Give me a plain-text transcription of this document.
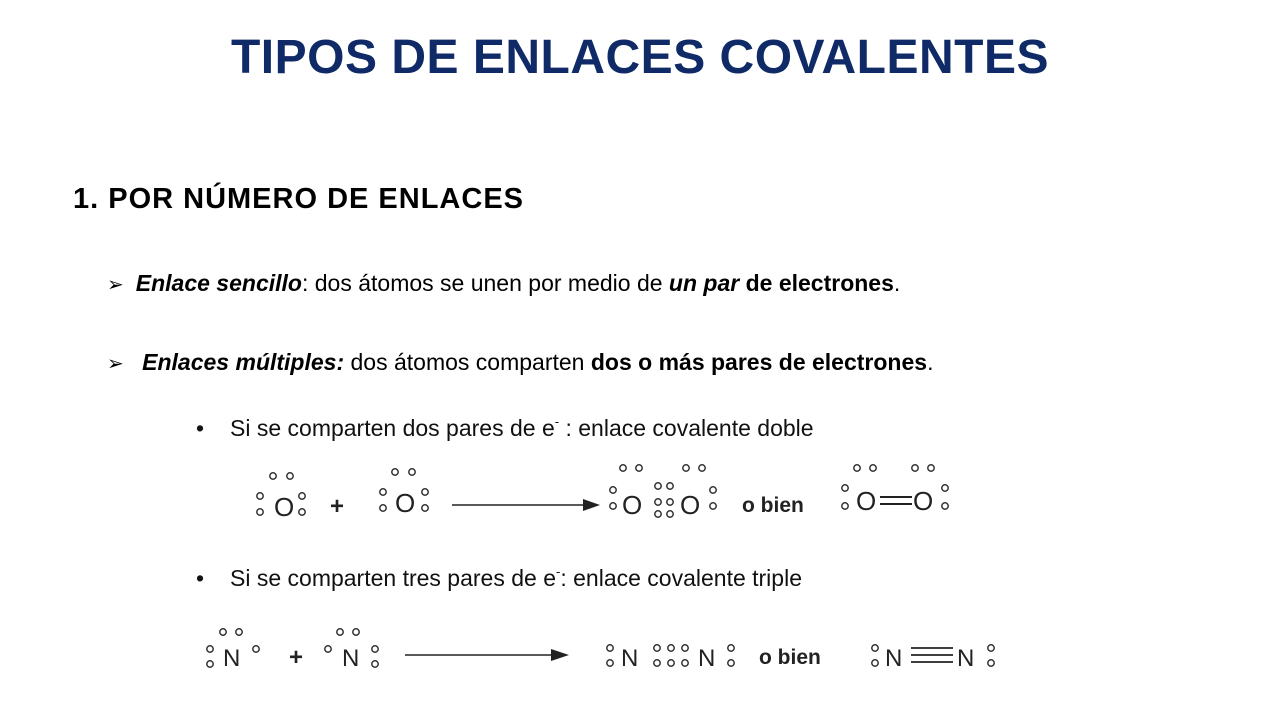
TIPOS DE ENLACES COVALENTES
1. POR NÚMERO DE ENLACES
➢ Enlace sencillo: dos átomos se unen por medio de un par de electrones.
➢ Enlaces múltiples: dos átomos comparten dos o más pares de electrones.
• Si se comparten dos pares de e- : enlace covalente doble
• Si se comparten tres pares de e-: enlace covalente triple
O + O	O O o bien O O
N + N	N N o bien	N N
